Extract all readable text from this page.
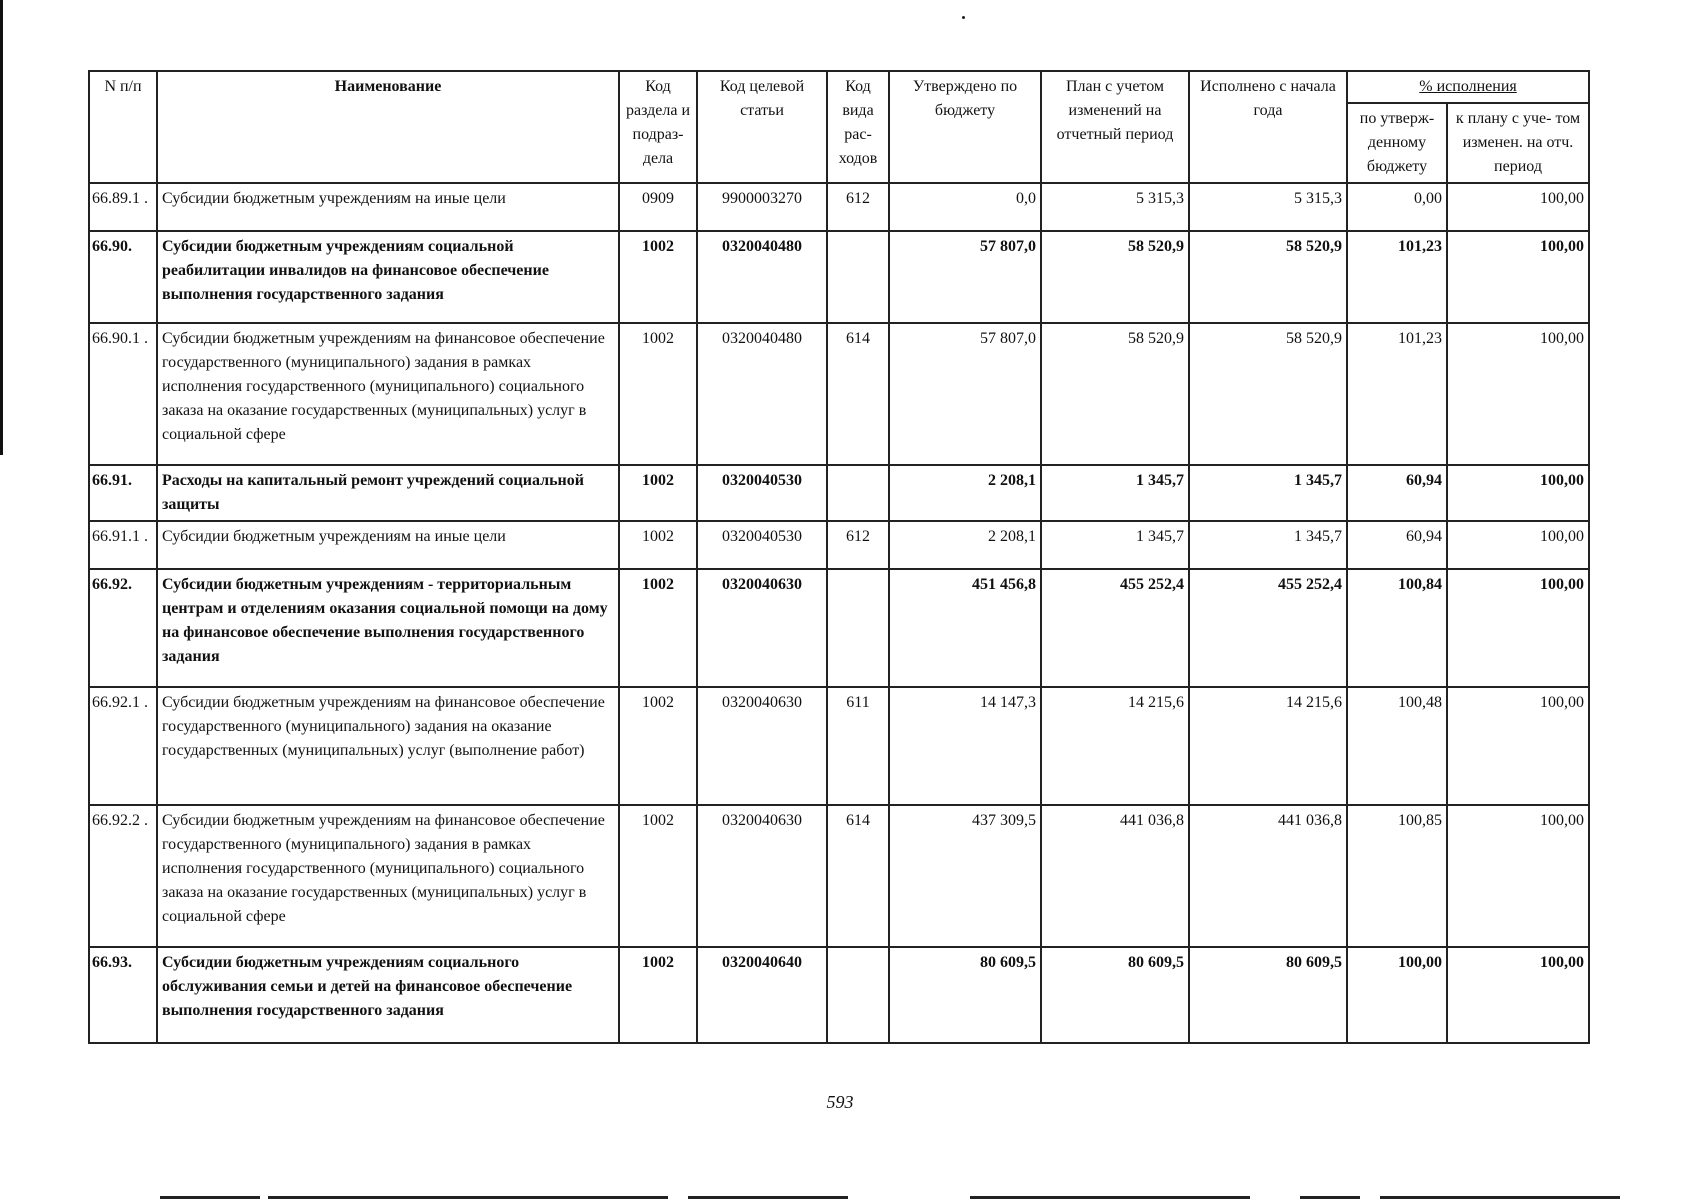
N п/п	Наименование	Код раздела и подраз- дела	Код целевой статьи	Код вида рас- ходов	Утверждено по бюджету	План с учетом изменений на отчетный период	Исполнено с начала года	% исполнения	
								по утверж- денному бюджету	к плану с уче- том изменен. на отч. период
66.89.1 .	Субсидии бюджетным учреждениям на иные цели	0909	9900003270	612	0,0	5 315,3	5 315,3	0,00	100,00
66.90.	Субсидии бюджетным учреждениям социальной реабилитации инвалидов на финансовое обеспечение выполнения государственного задания	1002	0320040480		57 807,0	58 520,9	58 520,9	101,23	100,00
66.90.1 .	Субсидии бюджетным учреждениям на финансовое обеспечение государственного (муниципального) задания в рамках исполнения государственного (муниципального) социального заказа на оказание государственных (муниципальных) услуг в социальной сфере	1002	0320040480	614	57 807,0	58 520,9	58 520,9	101,23	100,00
66.91.	Расходы на капитальный ремонт учреждений социальной защиты	1002	0320040530		2 208,1	1 345,7	1 345,7	60,94	100,00
66.91.1 .	Субсидии бюджетным учреждениям на иные цели	1002	0320040530	612	2 208,1	1 345,7	1 345,7	60,94	100,00
66.92.	Субсидии бюджетным учреждениям - территориальным центрам и отделениям оказания социальной помощи на дому на финансовое обеспечение выполнения государственного задания	1002	0320040630		451 456,8	455 252,4	455 252,4	100,84	100,00
66.92.1 .	Субсидии бюджетным учреждениям на финансовое обеспечение государственного (муниципального) задания на оказание государственных (муниципальных) услуг (выполнение работ)	1002	0320040630	611	14 147,3	14 215,6	14 215,6	100,48	100,00
66.92.2 .	Субсидии бюджетным учреждениям на финансовое обеспечение государственного (муниципального) задания в рамках исполнения государственного (муниципального) социального заказа на оказание государственных (муниципальных) услуг в социальной сфере	1002	0320040630	614	437 309,5	441 036,8	441 036,8	100,85	100,00
66.93.	Субсидии бюджетным учреждениям социального обслуживания семьи и детей на финансовое обеспечение выполнения государственного задания	1002	0320040640		80 609,5	80 609,5	80 609,5	100,00	100,00
593
